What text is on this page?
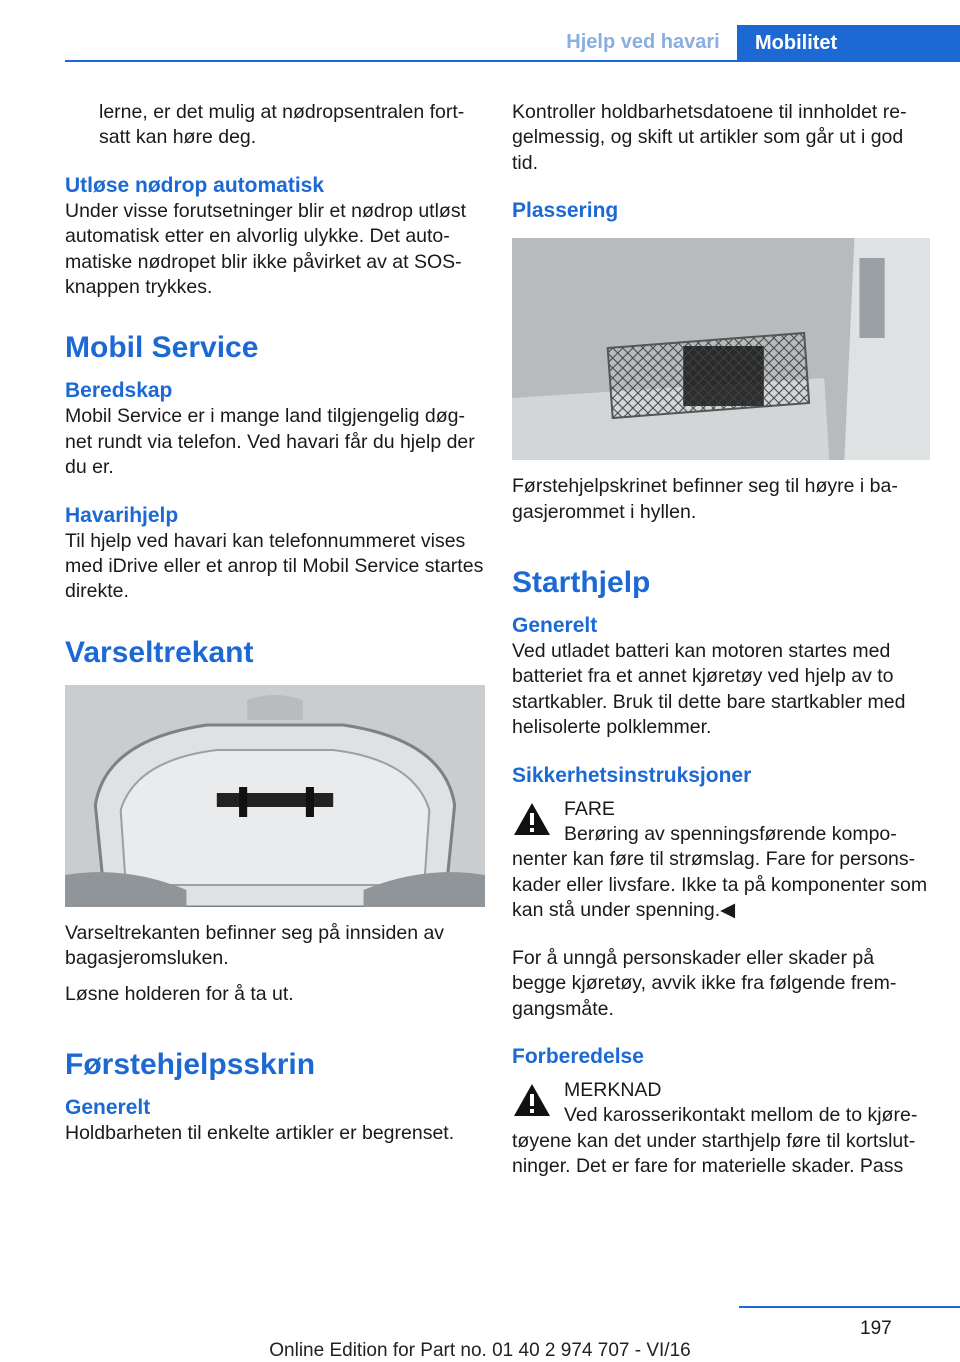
Hjelp ved havari	Mobilitet

lerne, er det mulig at nødropsentralen fortsatt kan høre deg.

Utløse nødrop automatisk

Under visse forutsetninger blir et nødrop utløst automatisk etter en alvorlig ulykke. Det automatiske nødropet blir ikke påvirket av at SOS-knappen trykkes.

Mobil Service
Beredskap

Mobil Service er i mange land tilgjengelig døgnet rundt via telefon. Ved havari får du hjelp der du er.

Havarihjelp

Til hjelp ved havari kan telefonnummeret vises med iDrive eller et anrop til Mobil Service startes direkte.

Varseltrekant

Varseltrekanten befinner seg på innsiden av bagasjeromsluken.

Løsne holderen for å ta ut.

Førstehjelpsskrin
Generelt

Holdbarheten til enkelte artikler er begrenset.

Kontroller holdbarhetsdatoene til innholdet regelmessig, og skift ut artikler som går ut i god tid.

Plassering

Førstehjelpskrinet befinner seg til høyre i bagasjerommet i hyllen.

Starthjelp
Generelt

Ved utladet batteri kan motoren startes med batteriet fra et annet kjøretøy ved hjelp av to startkabler. Bruk til dette bare startkabler med helisolerte polklemmer.

Sikkerhetsinstruksjoner

FARE

Berøring av spenningsførende komponenter kan føre til strømslag. Fare for personskader eller livsfare. Ikke ta på komponenter som kan stå under spenning.◀

For å unngå personskader eller skader på begge kjøretøy, avvik ikke fra følgende fremgangsmåte.

Forberedelse

MERKNAD

Ved karosserikontakt mellom de to kjøretøyene kan det under starthjelp føre til kortslutninger. Det er fare for materielle skader. Pass

197
Online Edition for Part no. 01 40 2 974 707 - VI/16
